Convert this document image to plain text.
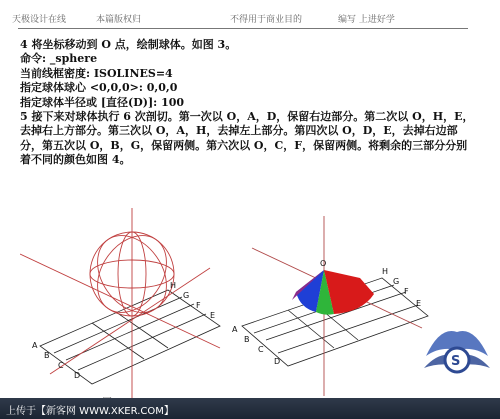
天极设计在线	本篇版权归	不得用于商业目的	编写 上进好学

4 将坐标移动到 O 点，绘制球体。如图 3。

命令: _sphere

当前线框密度: ISOLINES=4

指定球体球心 <0,0,0>: 0,0,0

指定球体半径或 [直径(D)]: 100

5 接下来对球体执行 6 次剖切。第一次以 O，A，D，保留右边部分。第二次以 O，H，E，

去掉右上方部分。第三次以 O，A，H，去掉左上部分。第四次以 O，D，E，去掉右边部

分，第五次以 O，B，G，保留两侧。第六次以 O，C，F，保留两侧。将剩余的三部分分别

着不同的颜色如图 4。

A
B
C
D
H
G
F
E
O
A
B
C
D
H
G
F
E
S
上传于【新客网 WWW.XKER.COM】
